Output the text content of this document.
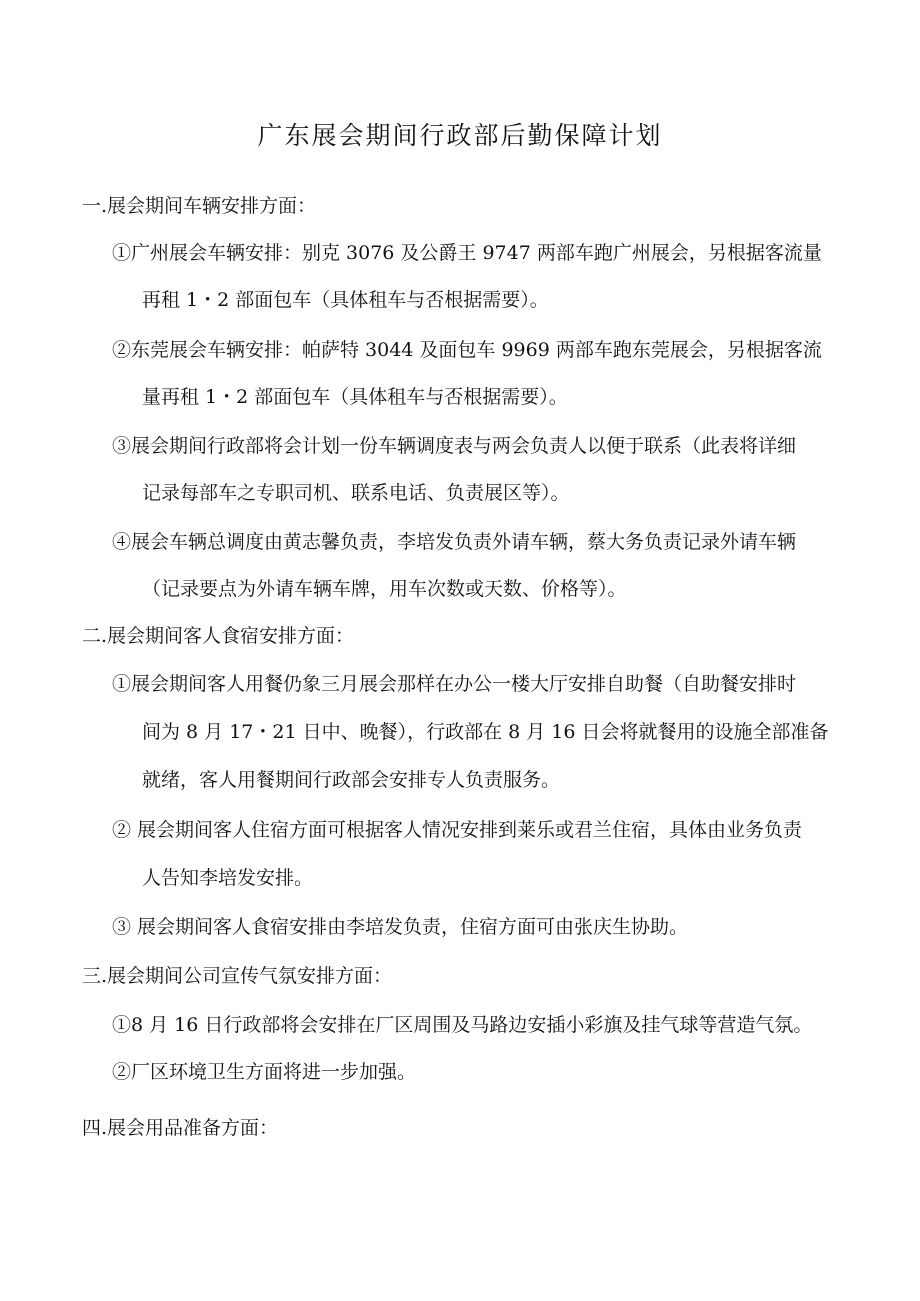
广东展会期间行政部后勤保障计划
一.展会期间车辆安排方面：
①广州展会车辆安排：别克 3076 及公爵王 9747 两部车跑广州展会，另根据客流量
再租 1・2 部面包车（具体租车与否根据需要）。
②东莞展会车辆安排：帕萨特 3044 及面包车 9969 两部车跑东莞展会，另根据客流
量再租 1・2 部面包车（具体租车与否根据需要）。
③展会期间行政部将会计划一份车辆调度表与两会负责人以便于联系（此表将详细
记录每部车之专职司机、联系电话、负责展区等）。
④展会车辆总调度由黄志馨负责，李培发负责外请车辆，蔡大务负责记录外请车辆
（记录要点为外请车辆车牌，用车次数或天数、价格等）。
二.展会期间客人食宿安排方面：
①展会期间客人用餐仍象三月展会那样在办公一楼大厅安排自助餐（自助餐安排时
间为 8 月 17・21 日中、晚餐），行政部在 8 月 16 日会将就餐用的设施全部准备
就绪，客人用餐期间行政部会安排专人负责服务。
② 展会期间客人住宿方面可根据客人情况安排到莱乐或君兰住宿，具体由业务负责
人告知李培发安排。
③ 展会期间客人食宿安排由李培发负责，住宿方面可由张庆生协助。
三.展会期间公司宣传气氛安排方面：
①8 月 16 日行政部将会安排在厂区周围及马路边安插小彩旗及挂气球等营造气氛。
②厂区环境卫生方面将进一步加强。
四.展会用品准备方面：
